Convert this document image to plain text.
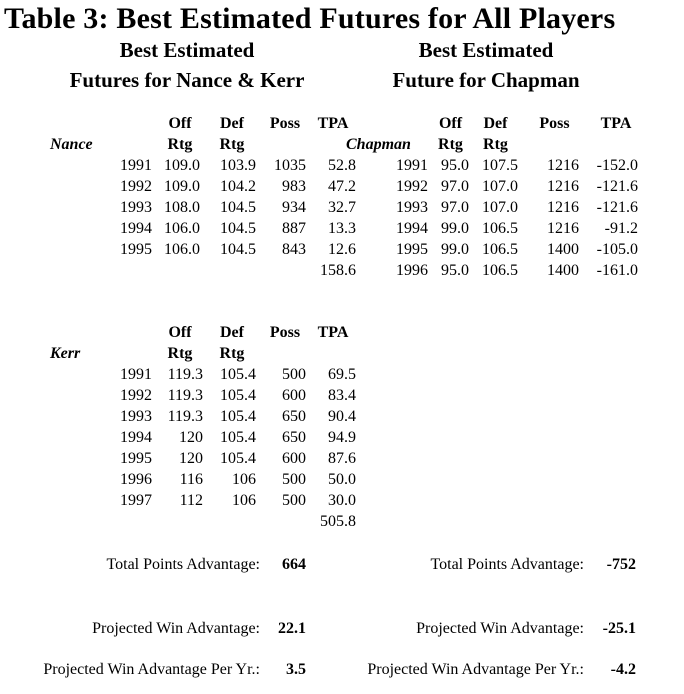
Table 3: Best Estimated Futures for All Players
Best Estimated
Futures for Nance & Kerr
Best Estimated
Future for Chapman
Off	Def	Poss	TPA
Nance	Rtg	Rtg
1991 109.0	103.9	1035	52.8
1992 109.0	104.2	983	47.2
1993 108.0	104.5	934	32.7
1994 106.0	104.5	887	13.3
1995 106.0	104.5	843	12.6
158.6
Off	Def	Poss	TPA
Kerr	Rtg	Rtg
1991 119.3	105.4	500	69.5
1992 119.3	105.4	600	83.4
1993 119.3	105.4	650	90.4
1994	120	105.4	650	94.9
1995	120	105.4	600	87.6
1996	116	106	500	50.0
1997	112	106	500	30.0
505.8
Off	Def	Poss	TPA
Chapman	Rtg	Rtg
1991 95.0 107.5	1216 -152.0
1992 97.0 107.0	1216 -121.6
1993 97.0 107.0	1216 -121.6
1994 99.0 106.5	1216	-91.2
1995 99.0 106.5	1400 -105.0
1996 95.0 106.5	1400 -161.0
Total Points Advantage:	664
Projected Win Advantage:	22.1
Projected Win Advantage Per Yr.:	3.5
Total Points Advantage:	-752
Projected Win Advantage:	-25.1
Projected Win Advantage Per Yr.:	-4.2
